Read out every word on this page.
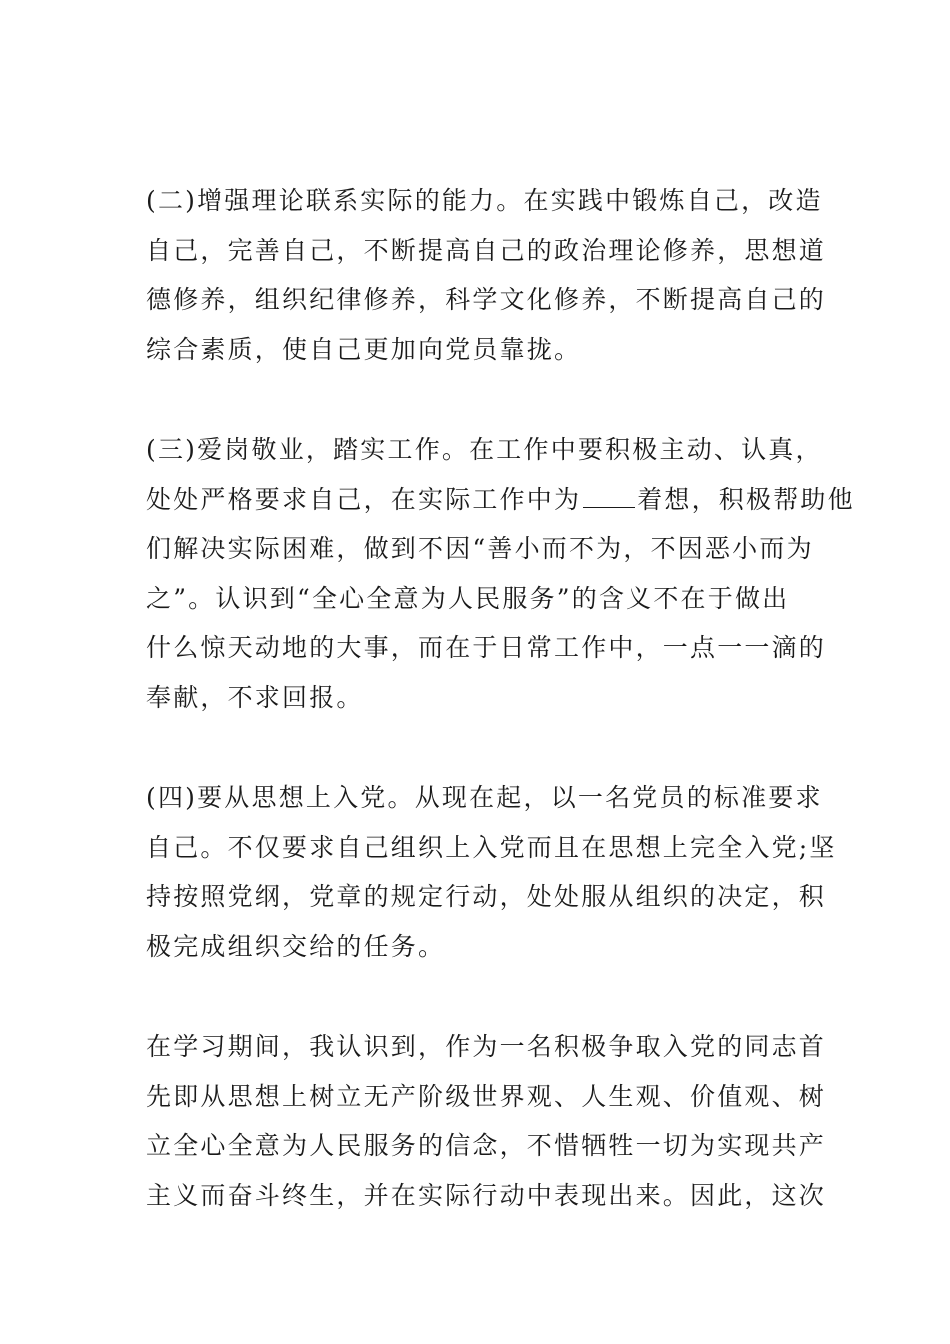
(二)增强理论联系实际的能力。在实践中锻炼自己，改造
自己，完善自己，不断提高自己的政治理论修养，思想道
德修养，组织纪律修养，科学文化修养，不断提高自己的
综合素质，使自己更加向党员靠拢。
(三)爱岗敬业，踏实工作。在工作中要积极主动、认真，
处处严格要求自己，在实际工作中为 着想，积极帮助他
们解决实际困难，做到不因“善小而不为，不因恶小而为
之”。认识到“全心全意为人民服务”的含义不在于做出
什么惊天动地的大事，而在于日常工作中，一点一一滴的
奉献，不求回报。
(四)要从思想上入党。从现在起，以一名党员的标准要求
自己。不仅要求自己组织上入党而且在思想上完全入党;坚
持按照党纲，党章的规定行动，处处服从组织的决定，积
极完成组织交给的任务。
在学习期间，我认识到，作为一名积极争取入党的同志首
先即从思想上树立无产阶级世界观、人生观、价值观、树
立全心全意为人民服务的信念，不惜牺牲一切为实现共产
主义而奋斗终生，并在实际行动中表现出来。因此，这次
